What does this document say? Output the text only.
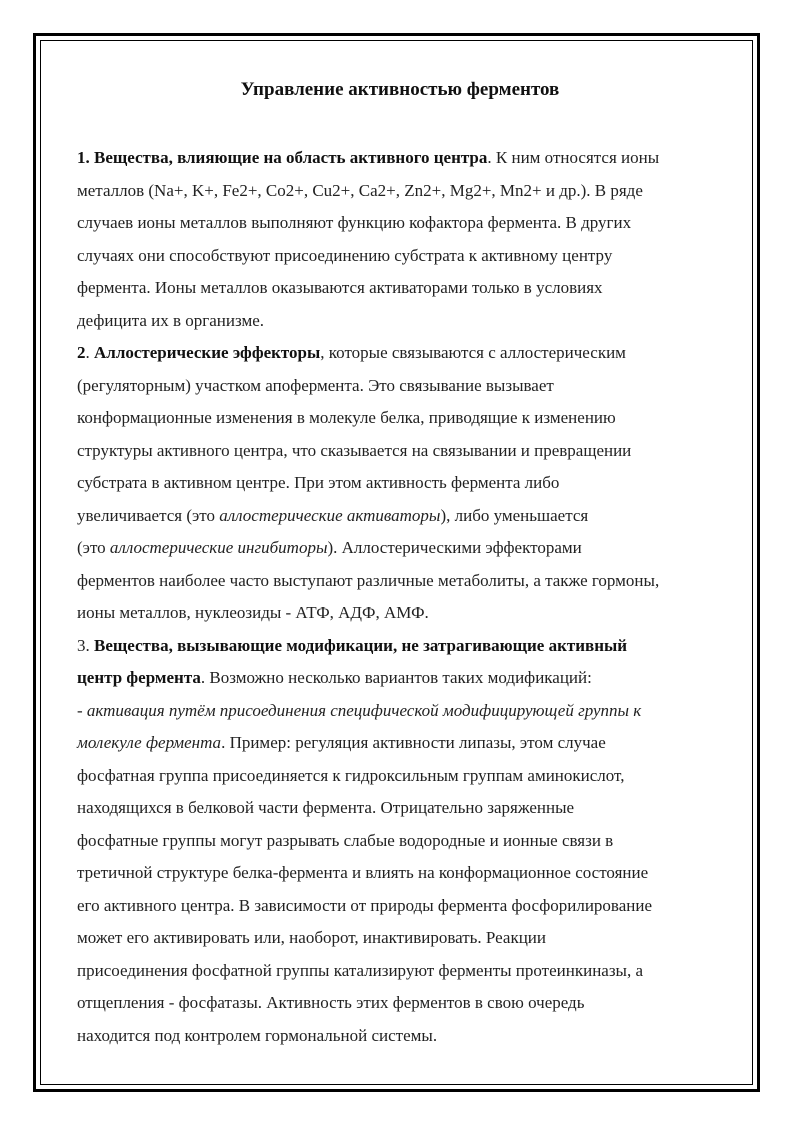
Управление активностью ферментов
1. Вещества, влияющие на область активного центра. К ним относятся ионы
металлов (Na+, K+, Fe2+, Co2+, Cu2+, Ca2+, Zn2+, Mg2+, Mn2+ и др.). В ряде
случаев ионы металлов выполняют функцию кофактора фермента. В других
случаях они способствуют присоединению субстрата к активному центру
фермента. Ионы металлов оказываются активаторами только в условиях
дефицита их в организме.
2. Аллостерические эффекторы, которые связываются с аллостерическим
(регуляторным) участком апофермента. Это связывание вызывает
конформационные изменения в молекуле белка, приводящие к изменению
структуры активного центра, что сказывается на связывании и превращении
субстрата в активном центре. При этом активность фермента либо
увеличивается (это аллостерические активаторы), либо уменьшается
(это аллостерические ингибиторы). Аллостерическими эффекторами
ферментов наиболее часто выступают различные метаболиты, а также гормоны,
ионы металлов, нуклеозиды - АТФ, АДФ, АМФ.
3. Вещества, вызывающие модификации, не затрагивающие активный
центр фермента. Возможно несколько вариантов таких модификаций:
- активация путём присоединения специфической модифицирующей группы к
молекуле фермента. Пример: регуляция активности липазы, этом случае
фосфатная группа присоединяется к гидроксильным группам аминокислот,
находящихся в белковой части фермента. Отрицательно заряженные
фосфатные группы могут разрывать слабые водородные и ионные связи в
третичной структуре белка-фермента и влиять на конформационное состояние
его активного центра. В зависимости от природы фермента фосфорилирование
может его активировать или, наоборот, инактивировать. Реакции
присоединения фосфатной группы катализируют ферменты протеинкиназы, а
отщепления - фосфатазы. Активность этих ферментов в свою очередь
находится под контролем гормональной системы.
